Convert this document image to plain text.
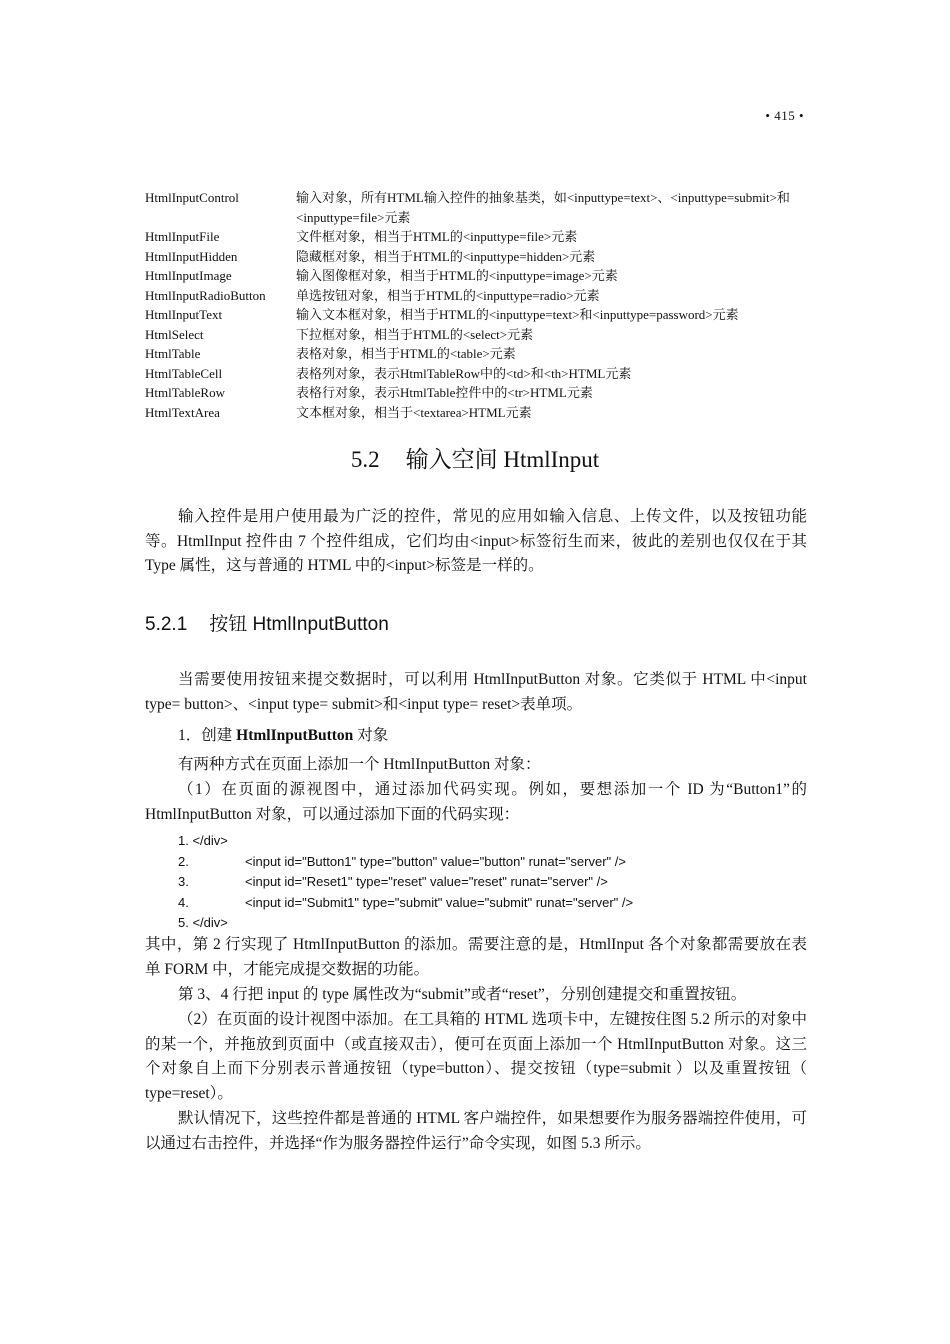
• 415 •
HtmlInputControl	输入对象，所有HTML输入控件的抽象基类，如<inputtype=text>、<inputtype=submit>和<inputtype=file>元素
HtmlInputFile	文件框对象，相当于HTML的<inputtype=file>元素
HtmlInputHidden	隐藏框对象，相当于HTML的<inputtype=hidden>元素
HtmlInputImage	输入图像框对象，相当于HTML的<inputtype=image>元素
HtmlInputRadioButton	单选按钮对象，相当于HTML的<inputtype=radio>元素
HtmlInputText	输入文本框对象，相当于HTML的<inputtype=text>和<inputtype=password>元素
HtmlSelect	下拉框对象，相当于HTML的<select>元素
HtmlTable	表格对象，相当于HTML的<table>元素
HtmlTableCell	表格列对象，表示HtmlTableRow中的<td>和<th>HTML元素
HtmlTableRow	表格行对象，表示HtmlTable控件中的<tr>HTML元素
HtmlTextArea	文本框对象，相当于<textarea>HTML元素
5.2 输入空间 HtmlInput

输入控件是用户使用最为广泛的控件，常见的应用如输入信息、上传文件，以及按钮功能等。HtmlInput 控件由 7 个控件组成，它们均由<input>标签衍生而来，彼此的差别也仅仅在于其 Type 属性，这与普通的 HTML 中的<input>标签是一样的。

5.2.1 按钮 HtmlInputButton

当需要使用按钮来提交数据时，可以利用 HtmlInputButton 对象。它类似于 HTML 中<input type= button>、<input type= submit>和<input type= reset>表单项。

1．创建 HtmlInputButton 对象

有两种方式在页面上添加一个 HtmlInputButton 对象：

（1）在页面的源视图中，通过添加代码实现。例如，要想添加一个 ID 为“Button1”的 HtmlInputButton 对象，可以通过添加下面的代码实现：

1. </div>
2.	<input id="Button1" type="button" value="button" runat="server" />
3.	<input id="Reset1" type="reset" value="reset" runat="server" />
4.	<input id="Submit1" type="submit" value="submit" runat="server" />
5. </div>

其中，第 2 行实现了 HtmlInputButton 的添加。需要注意的是，HtmlInput 各个对象都需要放在表单 FORM 中，才能完成提交数据的功能。

第 3、4 行把 input 的 type 属性改为“submit”或者“reset”，分别创建提交和重置按钮。

（2）在页面的设计视图中添加。在工具箱的 HTML 选项卡中，左键按住图 5.2 所示的对象中的某一个，并拖放到页面中（或直接双击），便可在页面上添加一个 HtmlInputButton 对象。这三个对象自上而下分别表示普通按钮（type=button）、提交按钮（type=submit ）以及重置按钮（ type=reset）。

默认情况下，这些控件都是普通的 HTML 客户端控件，如果想要作为服务器端控件使用，可以通过右击控件，并选择“作为服务器控件运行”命令实现，如图 5.3 所示。
